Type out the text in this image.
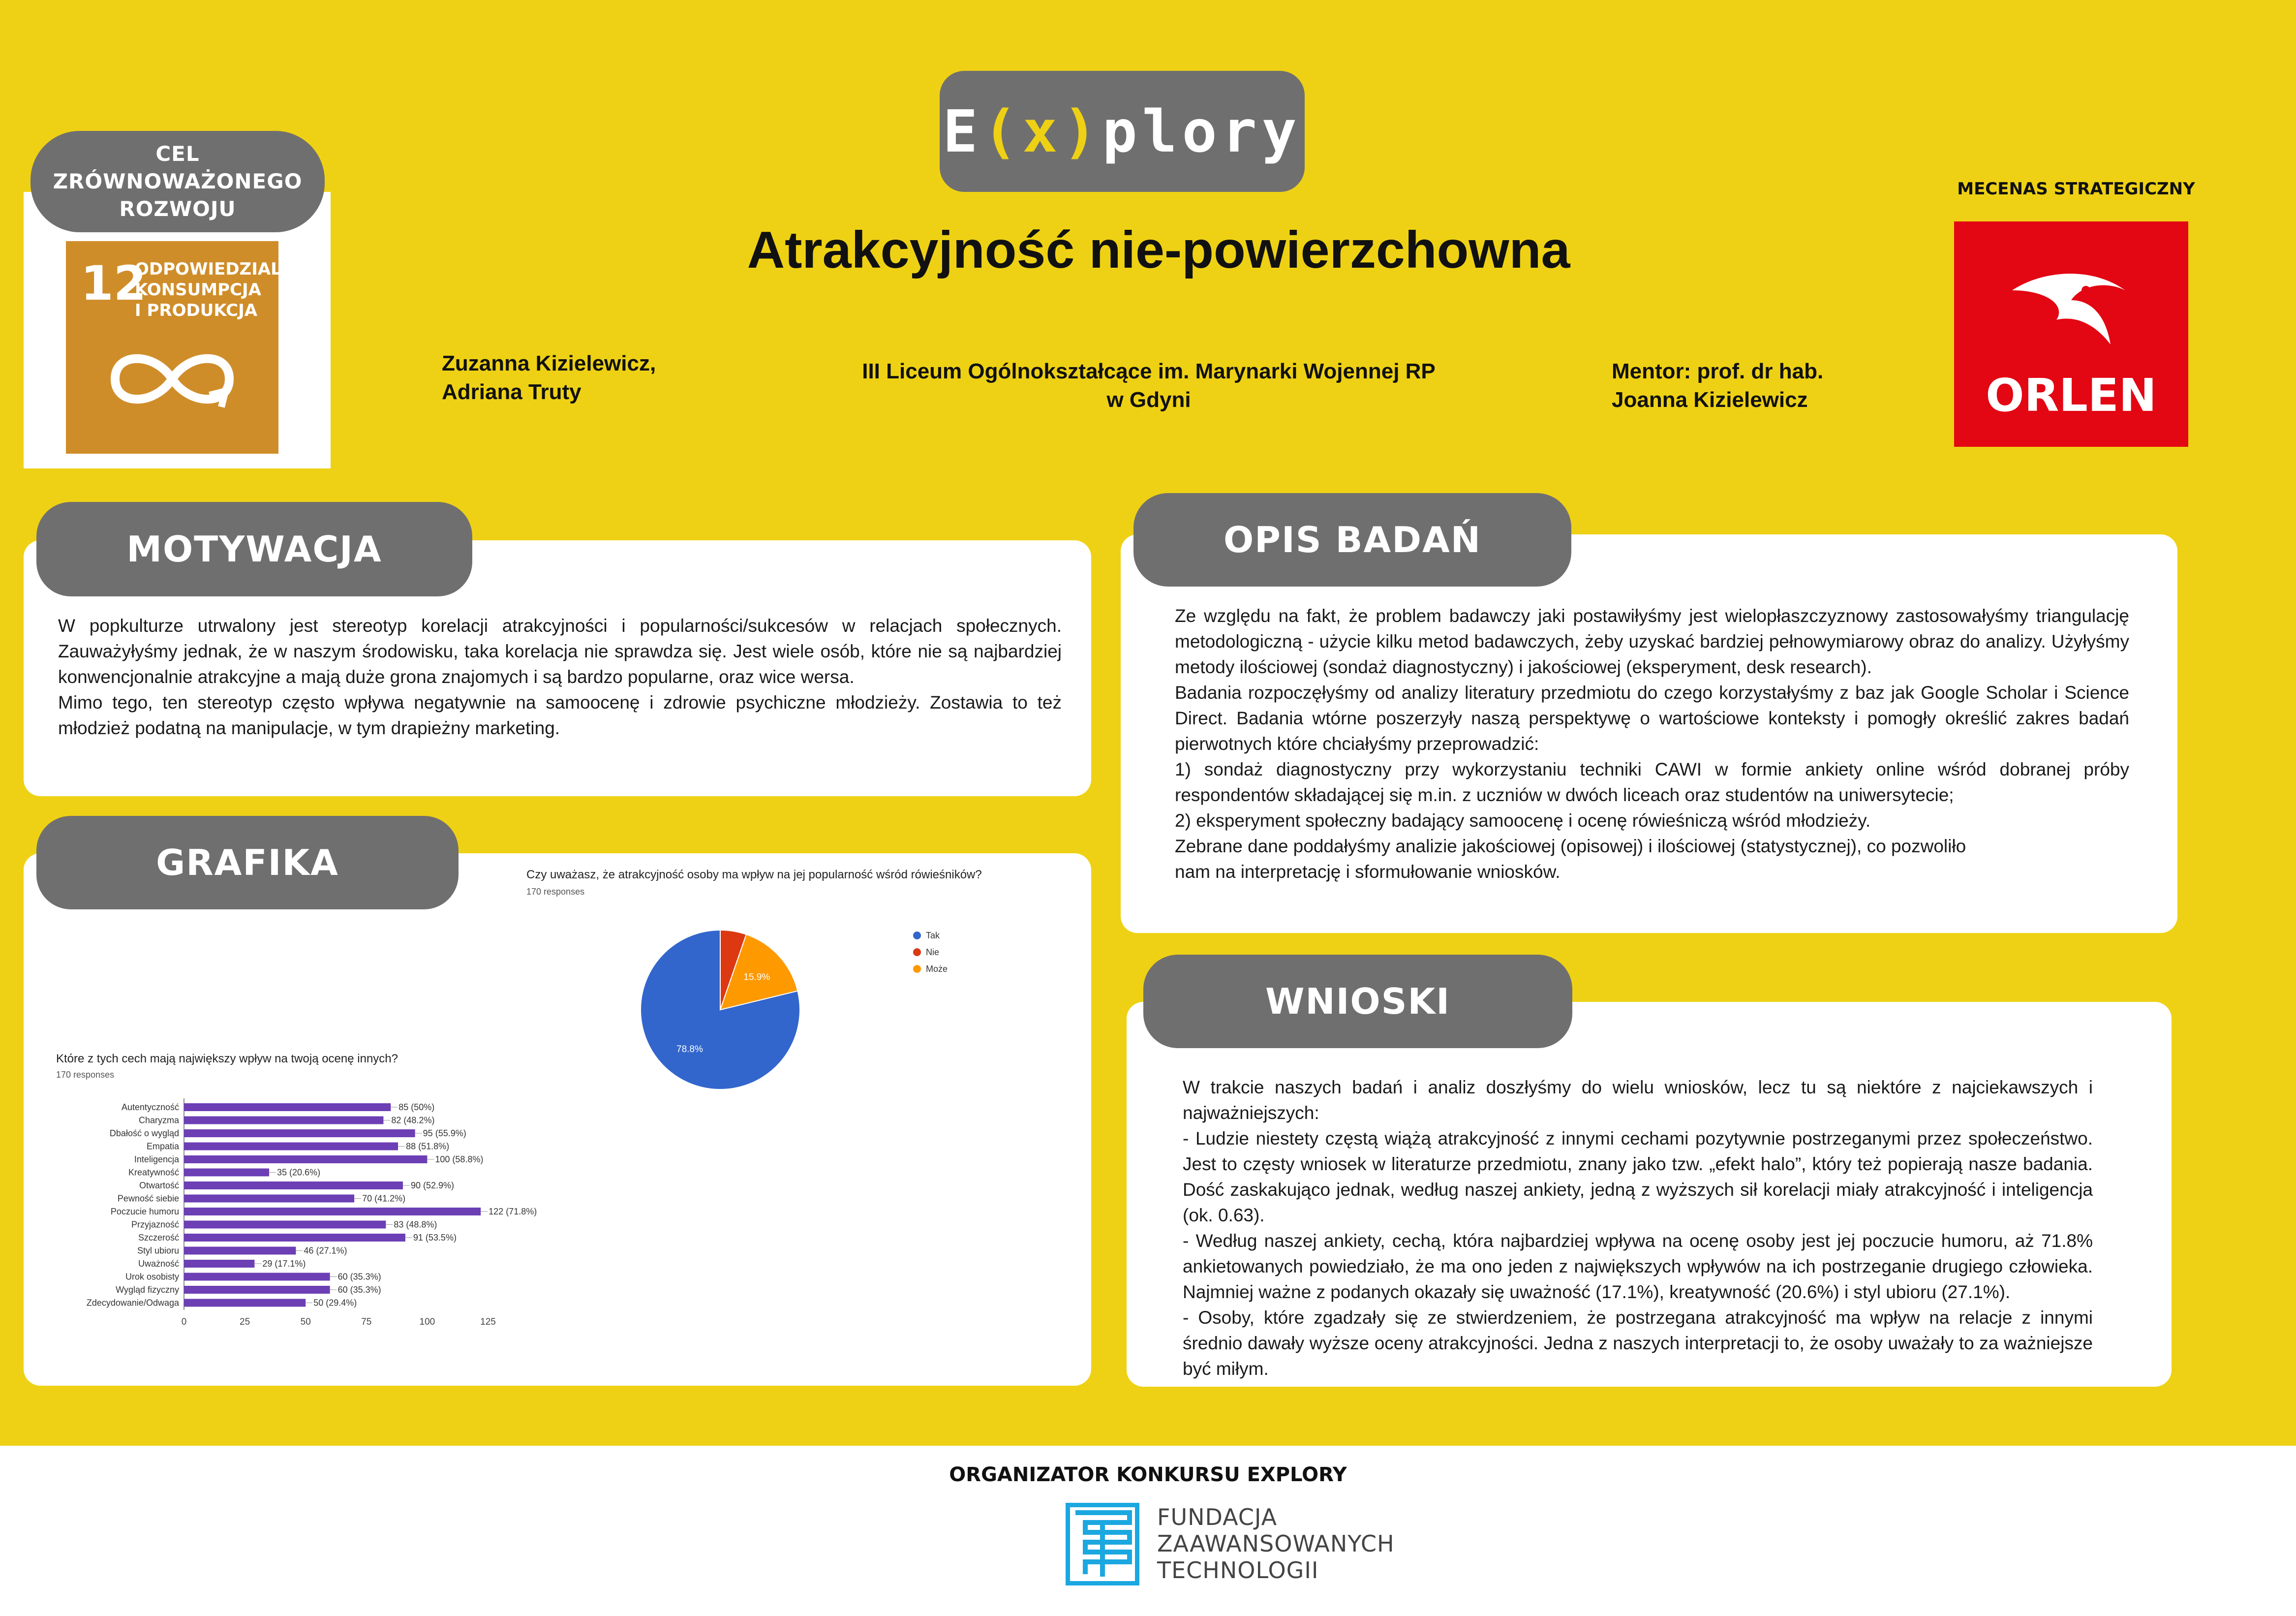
E ( x ) plory
Atrakcyjność nie-powierzchowna
CEL
ZRÓWNOWAŻONEGO
ROZWOJU
12
ODPOWIEDZIALNA
KONSUMPCJA
I PRODUKCJA
Zuzanna Kizielewicz,
Adriana Truty
III Liceum Ogólnokształcące im. Marynarki Wojennej RP
w Gdyni
Mentor: prof. dr hab.
Joanna Kizielewicz
MECENAS STRATEGICZNY
ORLEN
MOTYWACJA

W popkulturze utrwalony jest stereotyp korelacji atrakcyjności i popularności/sukcesów w relacjach społecznych. Zauważyłyśmy jednak, że w naszym środowisku, taka korelacja nie sprawdza się. Jest wiele osób, które nie są najbardziej konwencjonalnie atrakcyjne a mają duże grona znajomych i są bardzo popularne, oraz wice wersa.

Mimo tego, ten stereotyp często wpływa negatywnie na samoocenę i zdrowie psychiczne młodzieży. Zostawia to też młodzież podatną na manipulacje, w tym drapieżny marketing.

GRAFIKA	Czy uważasz, że atrakcyjność osoby ma wpływ na jej popularność wśród rówieśników?
170 responses
78.8%
15.9%
Tak
Nie
Może
Które z tych cech mają największy wpływ na twoją ocenę innych?
170 responses
0	25	50	75	100	125
Autentyczność	85 (50%)
Charyzma	82 (48.2%)
Dbałość o wygląd	95 (55.9%)
Empatia	88 (51.8%)
Inteligencja	100 (58.8%)
Kreatywność	35 (20.6%)
Otwartość	90 (52.9%)
Pewność siebie	70 (41.2%)
Poczucie humoru	122 (71.8%)
Przyjazność	83 (48.8%)
Szczerość	91 (53.5%)
Styl ubioru	46 (27.1%)
Uważność	29 (17.1%)
Urok osobisty	60 (35.3%)
Wygląd fizyczny	60 (35.3%)
Zdecydowanie/Odwaga	50 (29.4%)
OPIS BADAŃ

Ze względu na fakt, że problem badawczy jaki postawiłyśmy jest wielopłaszczyznowy zastosowałyśmy triangulację metodologiczną - użycie kilku metod badawczych, żeby uzyskać bardziej pełnowymiarowy obraz do analizy. Użyłyśmy metody ilościowej (sondaż diagnostyczny) i jakościowej (eksperyment, desk research).

Badania rozpoczęłyśmy od analizy literatury przedmiotu do czego korzystałyśmy z baz jak Google Scholar i Science Direct. Badania wtórne poszerzyły naszą perspektywę o wartościowe konteksty i pomogły określić zakres badań pierwotnych które chciałyśmy przeprowadzić:

1) sondaż diagnostyczny przy wykorzystaniu techniki CAWI w formie ankiety online wśród dobranej próby respondentów składającej się m.in. z uczniów w dwóch liceach oraz studentów na uniwersytecie;

2) eksperyment społeczny badający samoocenę i ocenę rówieśniczą wśród młodzieży.

Zebrane dane poddałyśmy analizie jakościowej (opisowej) i ilościowej (statystycznej), co pozwoliło

nam na interpretację i sformułowanie wniosków.

WNIOSKI

W trakcie naszych badań i analiz doszłyśmy do wielu wniosków, lecz tu są niektóre z najciekawszych i najważniejszych:

- Ludzie niestety częstą wiążą atrakcyjność z innymi cechami pozytywnie postrzeganymi przez społeczeństwo. Jest to częsty wniosek w literaturze przedmiotu, znany jako tzw. „efekt halo”, który też popierają nasze badania. Dość zaskakująco jednak, według naszej ankiety, jedną z wyższych sił korelacji miały atrakcyjność i inteligencja (ok. 0.63).

- Według naszej ankiety, cechą, która najbardziej wpływa na ocenę osoby jest jej poczucie humoru, aż 71.8% ankietowanych powiedziało, że ma ono jeden z największych wpływów na ich postrzeganie drugiego człowieka. Najmniej ważne z podanych okazały się uważność (17.1%), kreatywność (20.6%) i styl ubioru (27.1%).

- Osoby, które zgadzały się ze stwierdzeniem, że postrzegana atrakcyjność ma wpływ na relacje z innymi średnio dawały wyższe oceny atrakcyjności. Jedna z naszych interpretacji to, że osoby uważały to za ważniejsze być miłym.

ORGANIZATOR KONKURSU EXPLORY
FUNDACJA
ZAAWANSOWANYCH
TECHNOLOGII
